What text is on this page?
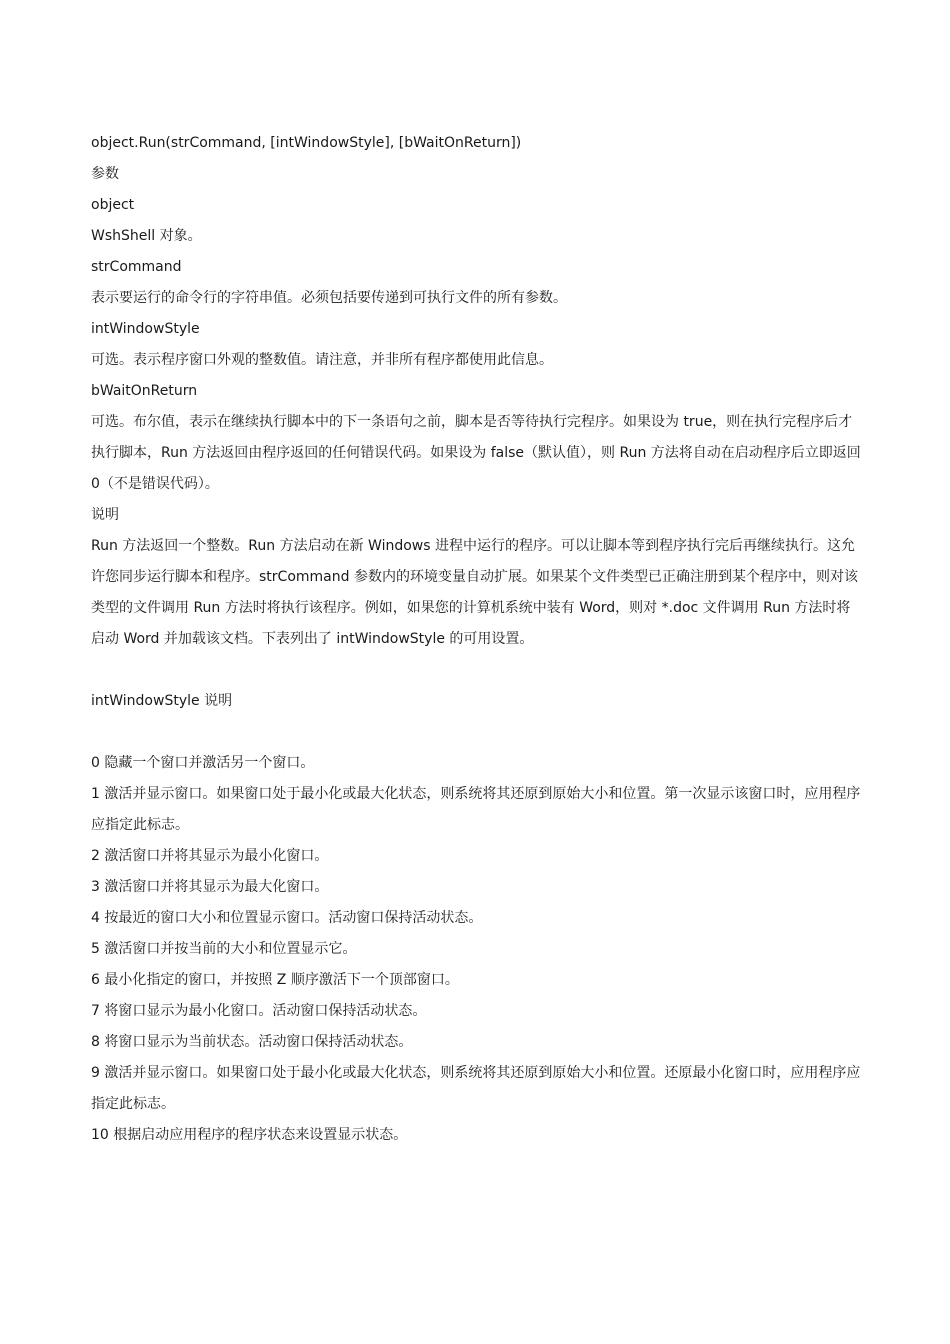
object.Run(strCommand, [intWindowStyle], [bWaitOnReturn])

参数

object

WshShell 对象。

strCommand

表示要运行的命令行的字符串值。必须包括要传递到可执行文件的所有参数。

intWindowStyle

可选。表示程序窗口外观的整数值。请注意，并非所有程序都使用此信息。

bWaitOnReturn

可选。布尔值，表示在继续执行脚本中的下一条语句之前，脚本是否等待执行完程序。如果设为 true，则在执行完程序后才执行脚本，Run 方法返回由程序返回的任何错误代码。如果设为 false（默认值），则 Run 方法将自动在启动程序后立即返回 0（不是错误代码）。

说明

Run 方法返回一个整数。Run 方法启动在新 Windows 进程中运行的程序。可以让脚本等到程序执行完后再继续执行。这允许您同步运行脚本和程序。strCommand 参数内的环境变量自动扩展。如果某个文件类型已正确注册到某个程序中，则对该类型的文件调用 Run 方法时将执行该程序。例如，如果您的计算机系统中装有 Word，则对 *.doc 文件调用 Run 方法时将启动 Word 并加载该文档。下表列出了 intWindowStyle 的可用设置。

intWindowStyle 说明

0 隐藏一个窗口并激活另一个窗口。

1 激活并显示窗口。如果窗口处于最小化或最大化状态，则系统将其还原到原始大小和位置。第一次显示该窗口时，应用程序应指定此标志。

2 激活窗口并将其显示为最小化窗口。

3 激活窗口并将其显示为最大化窗口。

4 按最近的窗口大小和位置显示窗口。活动窗口保持活动状态。

5 激活窗口并按当前的大小和位置显示它。

6 最小化指定的窗口，并按照 Z 顺序激活下一个顶部窗口。

7 将窗口显示为最小化窗口。活动窗口保持活动状态。

8 将窗口显示为当前状态。活动窗口保持活动状态。

9 激活并显示窗口。如果窗口处于最小化或最大化状态，则系统将其还原到原始大小和位置。还原最小化窗口时，应用程序应指定此标志。

10 根据启动应用程序的程序状态来设置显示状态。
